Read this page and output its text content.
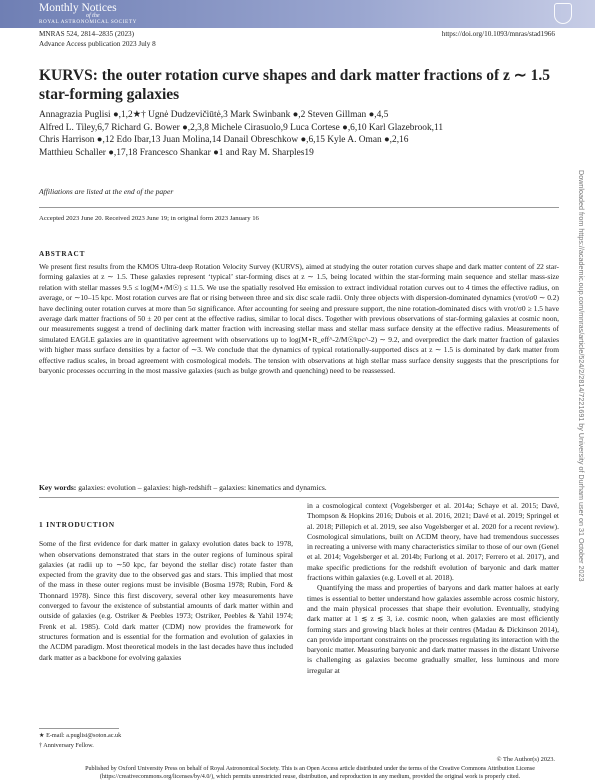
Monthly Notices
of the
ROYAL ASTRONOMICAL SOCIETY
MNRAS 524, 2814–2835 (2023)
Advance Access publication 2023 July 8
https://doi.org/10.1093/mnras/stad1966
KURVS: the outer rotation curve shapes and dark matter fractions of z ∼ 1.5 star-forming galaxies
Annagrazia Puglisi ●,1,2★† Ugnė Dudzevičiūtė,3 Mark Swinbank ●,2 Steven Gillman ●,4,5
Alfred L. Tiley,6,7 Richard G. Bower ●,2,3,8 Michele Cirasuolo,9 Luca Cortese ●,6,10 Karl Glazebrook,11
Chris Harrison ●,12 Edo Ibar,13 Juan Molina,14 Danail Obreschkow ●,6,15 Kyle A. Oman ●,2,16
Matthieu Schaller ●,17,18 Francesco Shankar ●1 and Ray M. Sharples19
Affiliations are listed at the end of the paper
Accepted 2023 June 20. Received 2023 June 19; in original form 2023 January 16
ABSTRACT

We present first results from the KMOS Ultra-deep Rotation Velocity Survey (KURVS), aimed at studying the outer rotation curves shape and dark matter content of 22 star-forming galaxies at z ∼ 1.5. These galaxies represent ‘typical’ star-forming discs at z ∼ 1.5, being located within the star-forming main sequence and stellar mass-size relation with stellar masses 9.5 ≤ log(M⋆/M☉) ≤ 11.5. We use the spatially resolved Hα emission to extract individual rotation curves out to 4 times the effective radius, on average, or ∼10–15 kpc. Most rotation curves are flat or rising between three and six disc scale radii. Only three objects with dispersion-dominated dynamics (vrot/σ0 ∼ 0.2) have declining outer rotation curves at more than 5σ significance. After accounting for seeing and pressure support, the nine rotation-dominated discs with vrot/σ0 ≥ 1.5 have average dark matter fractions of 50 ± 20 per cent at the effective radius, similar to local discs. Together with previous observations of star-forming galaxies at cosmic noon, our measurements suggest a trend of declining dark matter fraction with increasing stellar mass and stellar mass surface density at the effective radius. Measurements of simulated EAGLE galaxies are in quantitative agreement with observations up to log(M⋆R_eff^-2/M☉kpc^-2) ∼ 9.2, and overpredict the dark matter fraction of galaxies with higher mass surface densities by a factor of ∼3. We conclude that the dynamics of typical rotationally-supported discs at z ∼ 1.5 is dominated by dark matter from effective radius scales, in broad agreement with cosmological models. The tension with observations at high stellar mass surface density suggests that the prescriptions for baryonic processes occurring in the most massive galaxies (such as bulge growth and quenching) need to be reassessed.

Key words: galaxies: evolution – galaxies: high-redshift – galaxies: kinematics and dynamics.
1 INTRODUCTION

Some of the first evidence for dark matter in galaxy evolution dates back to 1978, when observations demonstrated that stars in the outer regions of luminous spiral galaxies (at radii up to ∼50 kpc, far beyond the stellar disc) rotate faster than expected from the gravity due to the observed gas and stars. This implied that most of the mass in these outer regions must be invisible (Bosma 1978; Rubin, Ford & Thonnard 1978). Since this first discovery, several other key measurements have converged to favour the existence of substantial amounts of dark matter within and outside of galaxies (e.g. Ostriker & Peebles 1973; Ostriker, Peebles & Yahil 1974; Frenk et al. 1985). Cold dark matter (CDM) now provides the framework for structures formation and is essential for the formation and evolution of galaxies in the ΛCDM paradigm. Most theoretical models in the last decades have thus included dark matter as a backbone for evolving galaxies

in a cosmological context (Vogelsberger et al. 2014a; Schaye et al. 2015; Davé, Thompson & Hopkins 2016; Dubois et al. 2016, 2021; Davé et al. 2019; Springel et al. 2018; Pillepich et al. 2019, see also Vogelsberger et al. 2020 for a recent review). Cosmological simulations, built on ΛCDM theory, have had tremendous successes in recreating a universe with many characteristics similar to those of our own (Genel et al. 2014; Vogelsberger et al. 2014b; Furlong et al. 2017; Ferrero et al. 2017), and make specific predictions for the redshift evolution of baryonic and dark matter fractions within galaxies (e.g. Lovell et al. 2018).

Quantifying the mass and properties of baryons and dark matter haloes at early times is essential to better understand how galaxies assemble across cosmic history, and the main physical processes that shape their evolution. Eventually, studying dark matter at 1 ≲ z ≲ 3, i.e. cosmic noon, when galaxies are most efficiently forming stars and growing black holes at their centres (Madau & Dickinson 2014), can provide important constraints on the processes regulating its interaction with the baryonic matter. Measuring baryonic and dark matter masses in the distant Universe is challenging as galaxies become gradually smaller, less luminous and more irregular at

★ E-mail: a.puglisi@soton.ac.uk
† Anniversary Fellow.
© The Author(s) 2023.
Published by Oxford University Press on behalf of Royal Astronomical Society. This is an Open Access article distributed under the terms of the Creative Commons Attribution License (https://creativecommons.org/licenses/by/4.0/), which permits unrestricted reuse, distribution, and reproduction in any medium, provided the original work is properly cited.
Downloaded from https://academic.oup.com/mnras/article/524/2/2814/7221691 by University of Durham user on 31 October 2023
